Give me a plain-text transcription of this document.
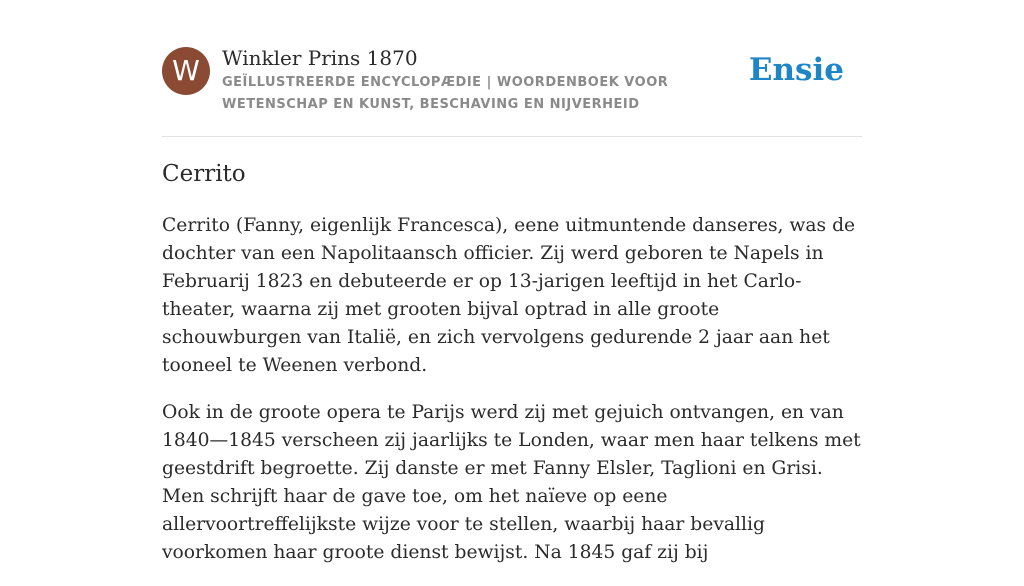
W	Winkler Prins 1870
GEÏLLUSTREERDE ENCYCLOPÆDIE | WOORDENBOEK VOOR WETENSCHAP EN KUNST, BESCHAVING EN NIJVERHEID
Ensie
Cerrito

Cerrito (Fanny, eigenlijk Francesca), eene uitmuntende danseres, was de dochter van een Napolitaansch officier. Zij werd geboren te Napels in Februarij 1823 en debuteerde er op 13-jarigen leeftijd in het Carlo-theater, waarna zij met grooten bijval optrad in alle groote schouwburgen van Italië, en zich vervolgens gedurende 2 jaar aan het tooneel te Weenen verbond.

Ook in de groote opera te Parijs werd zij met gejuich ontvangen, en van 1840—1845 verscheen zij jaarlijks te Londen, waar men haar telkens met geestdrift begroette. Zij danste er met Fanny Elsler, Taglioni en Grisi. Men schrijft haar de gave toe, om het naïeve op eene allervoortreffelijkste wijze voor te stellen, waarbij haar bevallig voorkomen haar groote dienst bewijst. Na 1845 gaf zij bij
